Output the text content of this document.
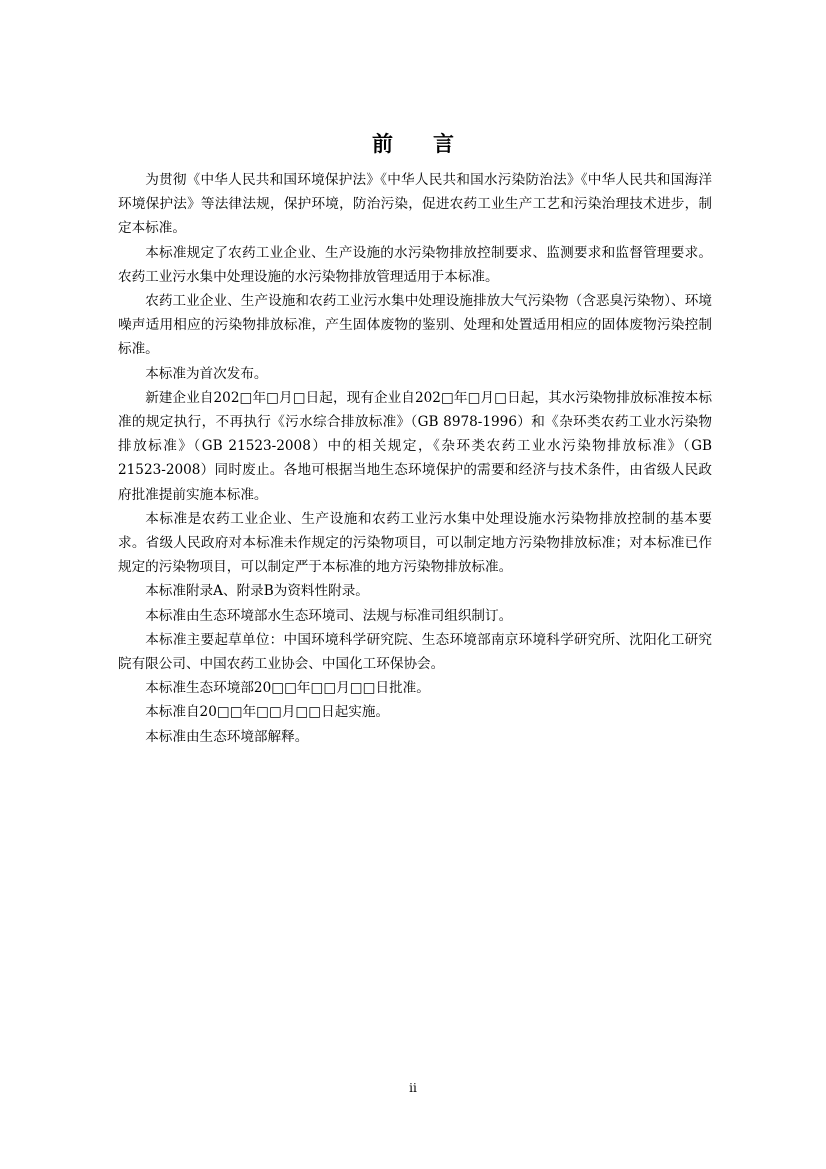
前 言

为贯彻《中华人民共和国环境保护法》《中华人民共和国水污染防治法》《中华人民共和国海洋环境保护法》等法律法规，保护环境，防治污染，促进农药工业生产工艺和污染治理技术进步，制定本标准。

本标准规定了农药工业企业、生产设施的水污染物排放控制要求、监测要求和监督管理要求。农药工业污水集中处理设施的水污染物排放管理适用于本标准。

农药工业企业、生产设施和农药工业污水集中处理设施排放大气污染物（含恶臭污染物）、环境噪声适用相应的污染物排放标准，产生固体废物的鉴别、处理和处置适用相应的固体废物污染控制标准。

本标准为首次发布。

新建企业自202□年□月□日起，现有企业自202□年□月□日起，其水污染物排放标准按本标准的规定执行，不再执行《污水综合排放标准》（GB 8978-1996）和《杂环类农药工业水污染物排放标准》（GB 21523-2008）中的相关规定，《杂环类农药工业水污染物排放标准》（GB 21523-2008）同时废止。各地可根据当地生态环境保护的需要和经济与技术条件，由省级人民政府批准提前实施本标准。

本标准是农药工业企业、生产设施和农药工业污水集中处理设施水污染物排放控制的基本要求。省级人民政府对本标准未作规定的污染物项目，可以制定地方污染物排放标准；对本标准已作规定的污染物项目，可以制定严于本标准的地方污染物排放标准。

本标准附录A、附录B为资料性附录。

本标准由生态环境部水生态环境司、法规与标准司组织制订。

本标准主要起草单位：中国环境科学研究院、生态环境部南京环境科学研究所、沈阳化工研究院有限公司、中国农药工业协会、中国化工环保协会。

本标准生态环境部20□□年□□月□□日批准。

本标准自20□□年□□月□□日起实施。

本标准由生态环境部解释。

ii
